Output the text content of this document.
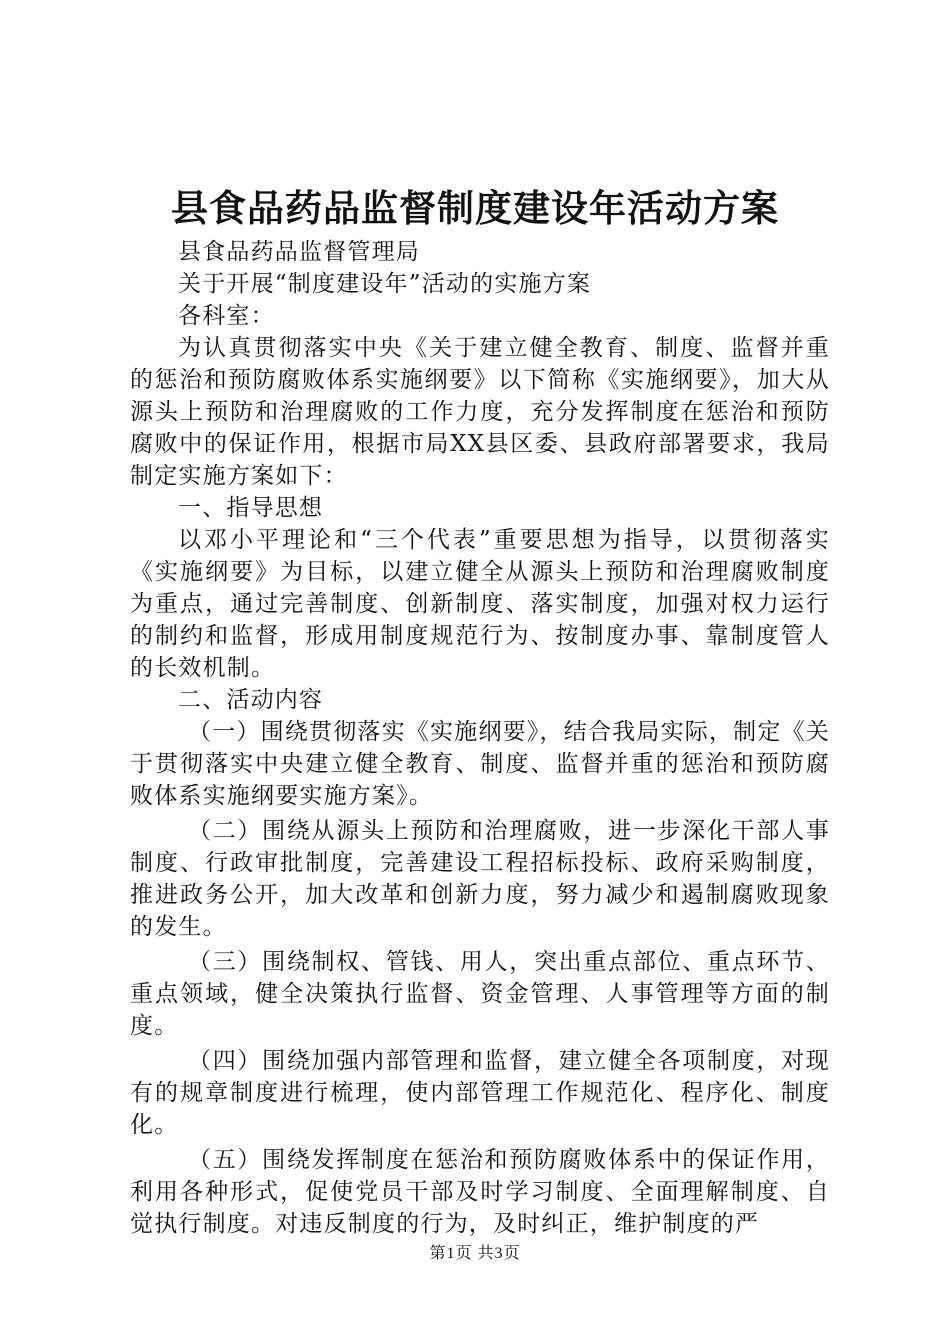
县食品药品监督制度建设年活动方案
县食品药品监督管理局
关于开展“制度建设年”活动的实施方案
各科室：

为认真贯彻落实中央《关于建立健全教育、制度、监督并重的惩治和预防腐败体系实施纲要》以下简称《实施纲要》，加大从源头上预防和治理腐败的工作力度，充分发挥制度在惩治和预防腐败中的保证作用，根据市局XX县区委、县政府部署要求，我局制定实施方案如下：

一、指导思想

以邓小平理论和“三个代表”重要思想为指导，以贯彻落实《实施纲要》为目标，以建立健全从源头上预防和治理腐败制度为重点，通过完善制度、创新制度、落实制度，加强对权力运行的制约和监督，形成用制度规范行为、按制度办事、靠制度管人的长效机制。

二、活动内容

（一）围绕贯彻落实《实施纲要》，结合我局实际，制定《关于贯彻落实中央建立健全教育、制度、监督并重的惩治和预防腐败体系实施纲要实施方案》。

（二）围绕从源头上预防和治理腐败，进一步深化干部人事制度、行政审批制度，完善建设工程招标投标、政府采购制度，推进政务公开，加大改革和创新力度，努力减少和遏制腐败现象的发生。

（三）围绕制权、管钱、用人，突出重点部位、重点环节、重点领域，健全决策执行监督、资金管理、人事管理等方面的制度。

（四）围绕加强内部管理和监督，建立健全各项制度，对现有的规章制度进行梳理，使内部管理工作规范化、程序化、制度化。

（五）围绕发挥制度在惩治和预防腐败体系中的保证作用，利用各种形式，促使党员干部及时学习制度、全面理解制度、自觉执行制度。对违反制度的行为，及时纠正，维护制度的严

第1页 共3页
